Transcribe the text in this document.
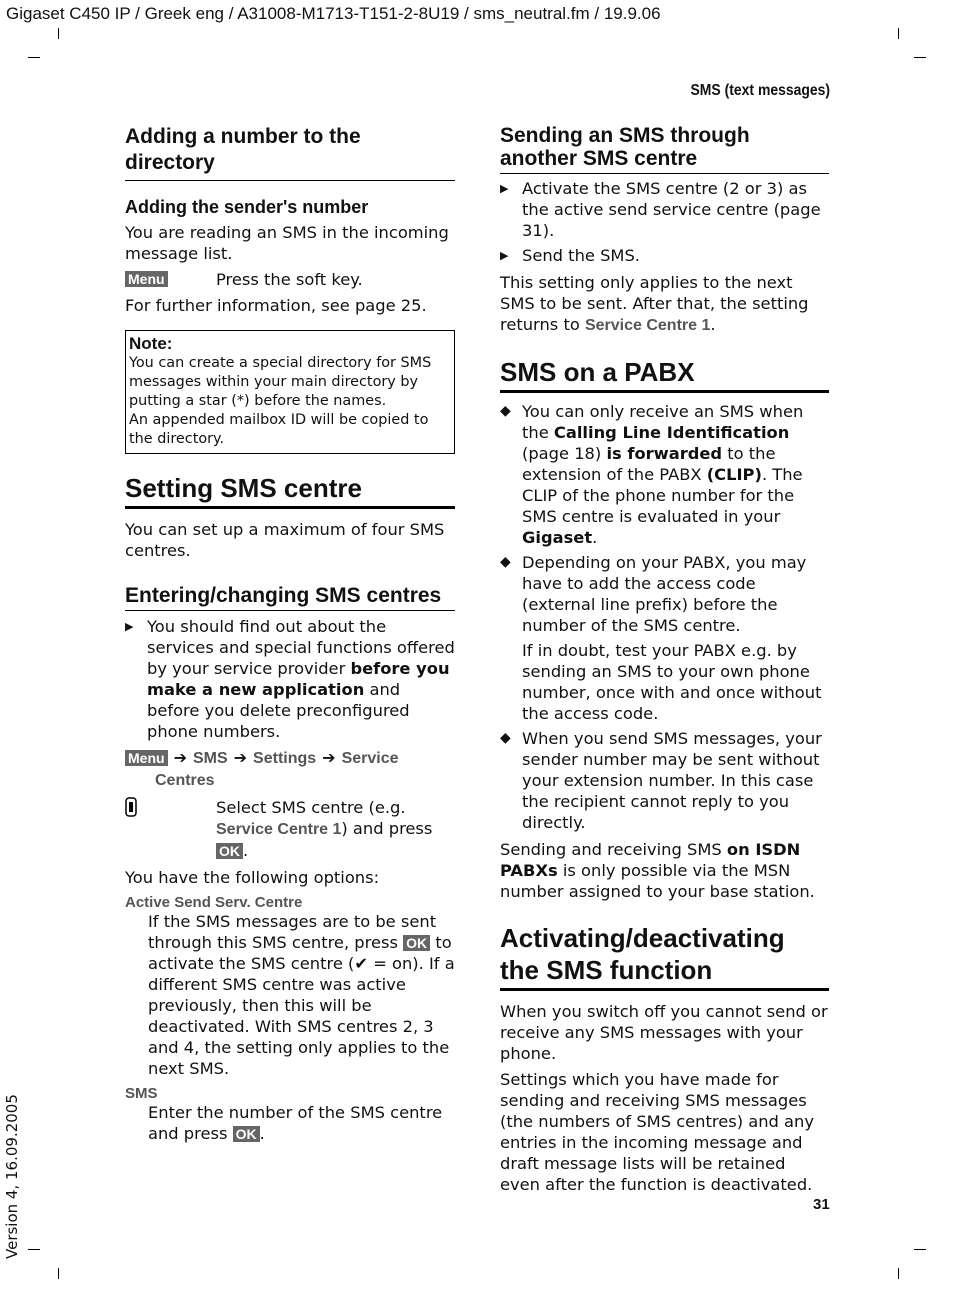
Gigaset C450 IP / Greek eng / A31008-M1713-T151-2-8U19 / sms_neutral.fm / 19.9.06
SMS (text messages)
31
Version 4, 16.09.2005
Adding a number to the directory
Adding the sender's number

You are reading an SMS in the incoming message list.

Menu	Press the soft key.

For further information, see page 25.

Note:

You can create a special directory for SMS messages within your main directory by putting a star (*) before the names.

An appended mailbox ID will be copied to the directory.

Setting SMS centre

You can set up a maximum of four SMS centres.

Entering/changing SMS centres
▶ You should find out about the services and special functions offered by your service provider before you make a new application and before you delete preconfigured phone numbers.

Menu ➔ SMS ➔ Settings ➔ Service
Centres

Select SMS centre (e.g. Service Centre 1) and press OK .

You have the following options:

Active Send Serv. Centre

If the SMS messages are to be sent through this SMS centre, press OK to activate the SMS centre (✔ = on). If a different SMS centre was active previously, then this will be deactivated. With SMS centres 2, 3 and 4, the setting only applies to the next SMS.

SMS

Enter the number of the SMS centre and press OK .

Sending an SMS through another SMS centre
▶ Activate the SMS centre (2 or 3) as the active send service centre (page 31).

▶ Send the SMS.

This setting only applies to the next SMS to be sent. After that, the setting returns to Service Centre 1.

SMS on a PABX
◆ You can only receive an SMS when the Calling Line Identification (page 18) is forwarded to the extension of the PABX (CLIP). The CLIP of the phone number for the SMS centre is evaluated in your Gigaset.

◆ Depending on your PABX, you may have to add the access code (external line prefix) before the number of the SMS centre.

If in doubt, test your PABX e.g. by sending an SMS to your own phone number, once with and once without the access code.

◆ When you send SMS messages, your sender number may be sent without your extension number. In this case the recipient cannot reply to you directly.

Sending and receiving SMS on ISDN PABXs is only possible via the MSN number assigned to your base station.

Activating/deactivating the SMS function

When you switch off you cannot send or receive any SMS messages with your phone.

Settings which you have made for sending and receiving SMS messages (the numbers of SMS centres) and any entries in the incoming message and draft message lists will be retained even after the function is deactivated.
